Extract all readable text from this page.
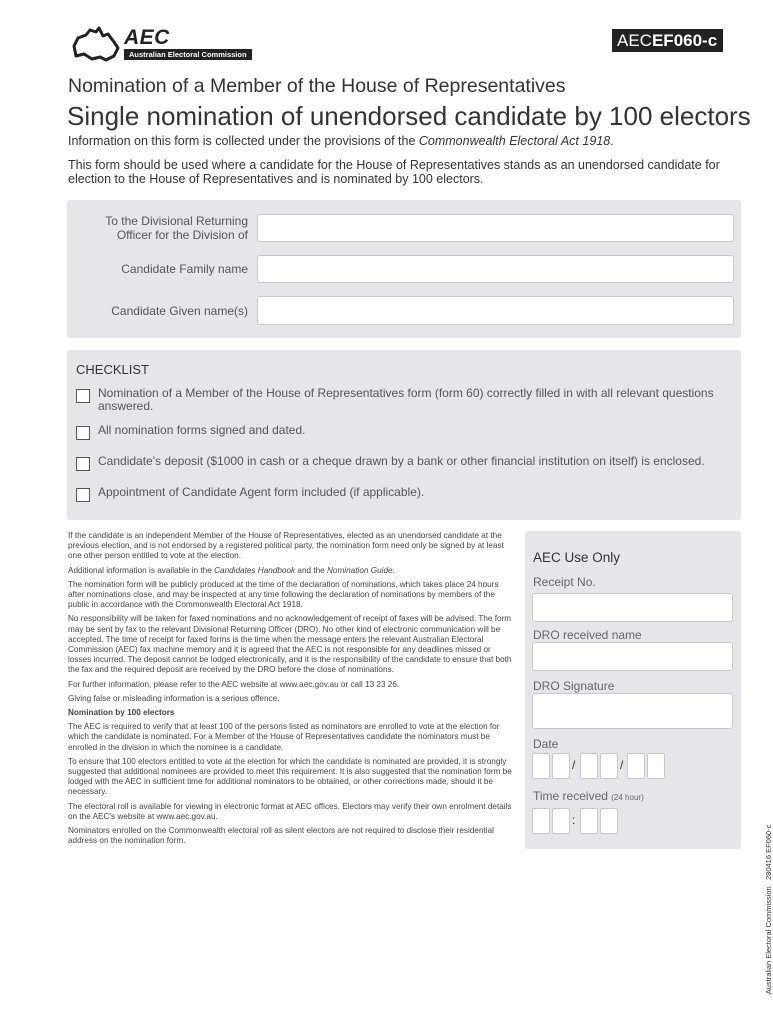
AEC
Australian Electoral Commission
AECEF060-c
Nomination of a Member of the House of Representatives
Single nomination of unendorsed candidate by 100 electors
Information on this form is collected under the provisions of the Commonwealth Electoral Act 1918.
This form should be used where a candidate for the House of Representatives stands as an unendorsed candidate for election to the House of Representatives and is nominated by 100 electors.
To the Divisional Returning Officer for the Division of
Candidate Family name
Candidate Given name(s)
CHECKLIST
Nomination of a Member of the House of Representatives form (form 60) correctly filled in with all relevant questions answered.
All nomination forms signed and dated.
Candidate's deposit ($1000 in cash or a cheque drawn by a bank or other financial institution on itself) is enclosed.
Appointment of Candidate Agent form included (if applicable).

If the candidate is an independent Member of the House of Representatives, elected as an unendorsed candidate at the previous election, and is not endorsed by a registered political party, the nomination form need only be signed by at least one other person entitled to vote at the election.

Additional information is available in the Candidates Handbook and the Nomination Guide.

The nomination form will be publicly produced at the time of the declaration of nominations, which takes place 24 hours after nominations close, and may be inspected at any time following the declaration of nominations by members of the public in accordance with the Commonwealth Electoral Act 1918.

No responsibility will be taken for faxed nominations and no acknowledgement of receipt of faxes will be advised. The form may be sent by fax to the relevant Divisional Returning Officer (DRO). No other kind of electronic communication will be accepted. The time of receipt for faxed forms is the time when the message enters the relevant Australian Electoral Commission (AEC) fax machine memory and it is agreed that the AEC is not responsible for any deadlines missed or losses incurred. The deposit cannot be lodged electronically, and it is the responsibility of the candidate to ensure that both the fax and the required deposit are received by the DRO before the close of nominations.

For further information, please refer to the AEC website at www.aec.gov.au or call 13 23 26.

Giving false or misleading information is a serious offence.

Nomination by 100 electors

The AEC is required to verify that at least 100 of the persons listed as nominators are enrolled to vote at the election for which the candidate is nominated. For a Member of the House of Representatives candidate the nominators must be enrolled in the division in which the nominee is a candidate.

To ensure that 100 electors entitled to vote at the election for which the candidate is nominated are provided, it is strongly suggested that additional nominees are provided to meet this requirement. It is also suggested that the nomination form be lodged with the AEC in sufficient time for additional nominators to be obtained, or other corrections made, should it be necessary.

The electoral roll is available for viewing in electronic format at AEC offices. Electors may verify their own enrolment details on the AEC's website at www.aec.gov.au.

Nominators enrolled on the Commonwealth electoral roll as silent electors are not required to disclose their residential address on the nomination form.

AEC Use Only
Receipt No.
DRO received name
DRO Signature
Date
/	/
Time received (24 hour)
:

Australian Electoral Commission   280416 EF060-c
